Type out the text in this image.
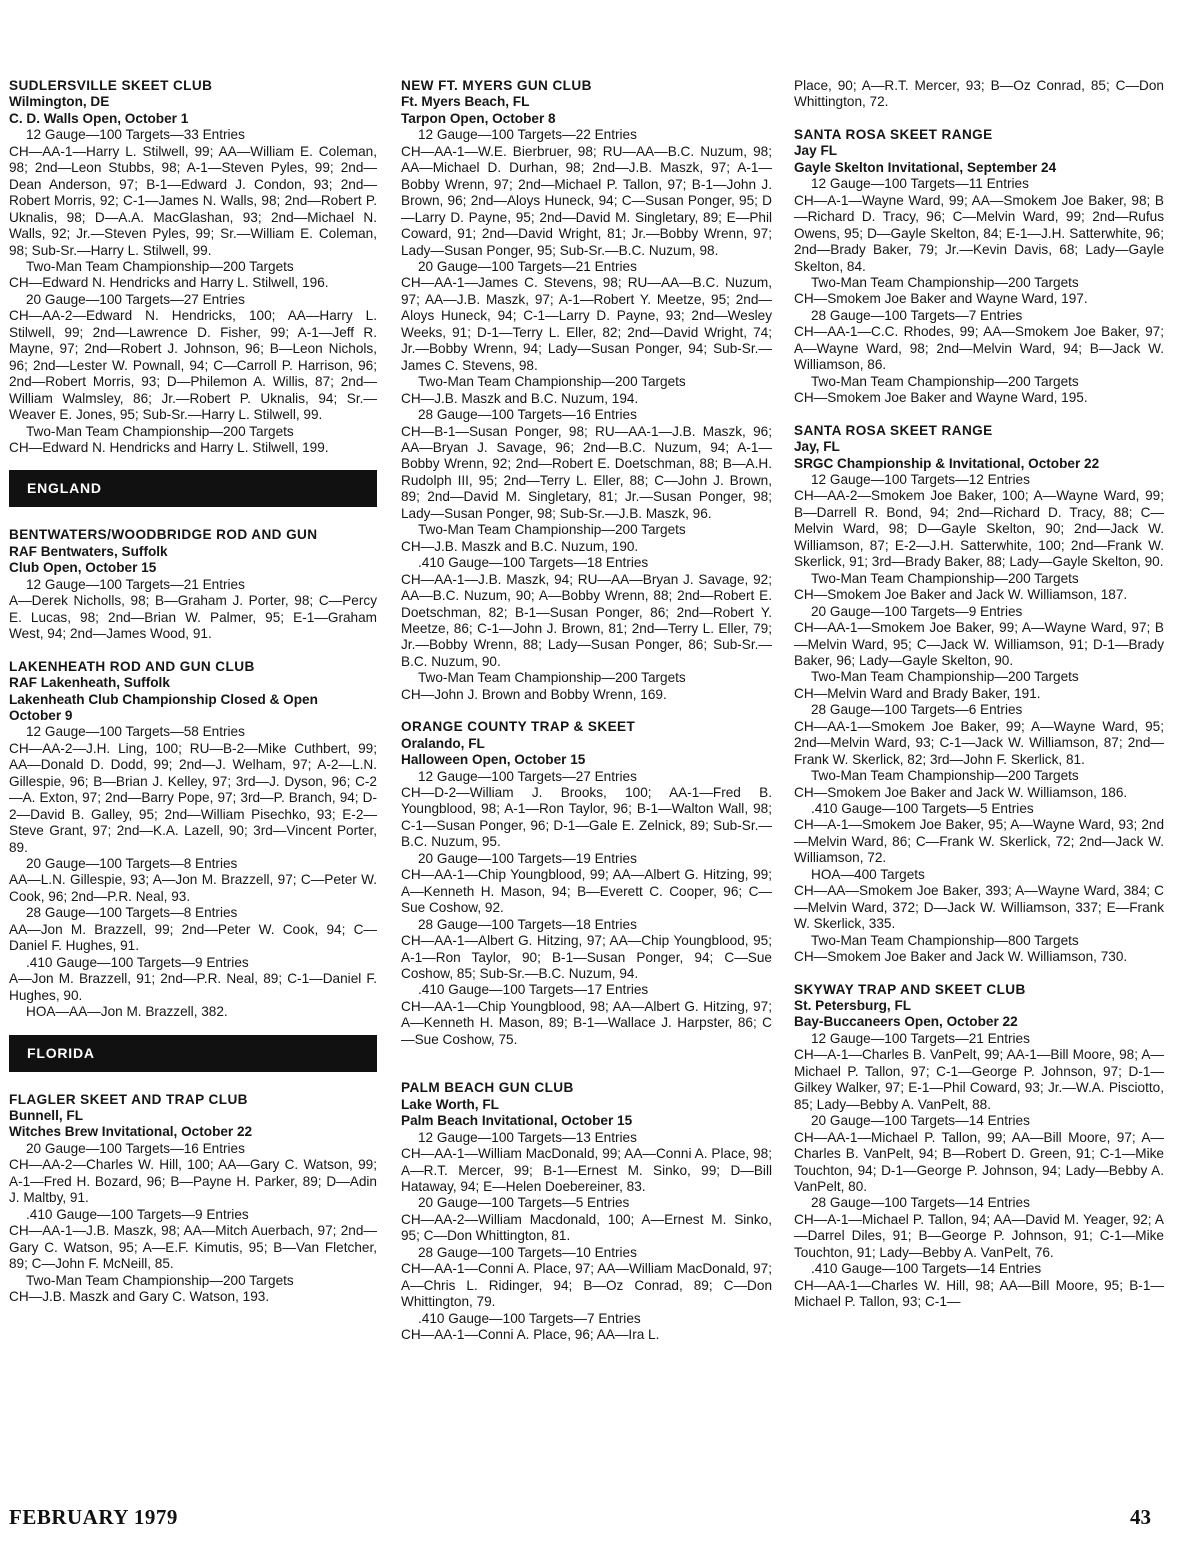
SUDLERSVILLE SKEET CLUB
Wilmington, DE
C. D. Walls Open, October 1
12 Gauge—100 Targets—33 Entries
CH—AA-1—Harry L. Stilwell, 99; AA—William E. Coleman, 98; 2nd—Leon Stubbs, 98; A-1—Steven Pyles, 99; 2nd—Dean Anderson, 97; B-1—Edward J. Condon, 93; 2nd—Robert Morris, 92; C-1—James N. Walls, 98; 2nd—Robert P. Uknalis, 98; D—A.A. MacGlashan, 93; 2nd—Michael N. Walls, 92; Jr.—Steven Pyles, 99; Sr.—William E. Coleman, 98; Sub-Sr.—Harry L. Stilwell, 99.
Two-Man Team Championship—200 Targets
CH—Edward N. Hendricks and Harry L. Stilwell, 196.
20 Gauge—100 Targets—27 Entries
CH—AA-2—Edward N. Hendricks, 100; AA—Harry L. Stilwell, 99; 2nd—Lawrence D. Fisher, 99; A-1—Jeff R. Mayne, 97; 2nd—Robert J. Johnson, 96; B—Leon Nichols, 96; 2nd—Lester W. Pownall, 94; C—Carroll P. Harrison, 96; 2nd—Robert Morris, 93; D—Philemon A. Willis, 87; 2nd—William Walmsley, 86; Jr.—Robert P. Uknalis, 94; Sr.—Weaver E. Jones, 95; Sub-Sr.—Harry L. Stilwell, 99.
Two-Man Team Championship—200 Targets
CH—Edward N. Hendricks and Harry L. Stilwell, 199.
ENGLAND
BENTWATERS/WOODBRIDGE ROD AND GUN
RAF Bentwaters, Suffolk
Club Open, October 15
12 Gauge—100 Targets—21 Entries
A—Derek Nicholls, 98; B—Graham J. Porter, 98; C—Percy E. Lucas, 98; 2nd—Brian W. Palmer, 95; E-1—Graham West, 94; 2nd—James Wood, 91.
LAKENHEATH ROD AND GUN CLUB
RAF Lakenheath, Suffolk
Lakenheath Club Championship Closed & Open
October 9
12 Gauge—100 Targets—58 Entries
CH—AA-2—J.H. Ling, 100; RU—B-2—Mike Cuthbert, 99; AA—Donald D. Dodd, 99; 2nd—J. Welham, 97; A-2—L.N. Gillespie, 96; B—Brian J. Kelley, 97; 3rd—J. Dyson, 96; C-2—A. Exton, 97; 2nd—Barry Pope, 97; 3rd—P. Branch, 94; D-2—David B. Galley, 95; 2nd—William Pisechko, 93; E-2—Steve Grant, 97; 2nd—K.A. Lazell, 90; 3rd—Vincent Porter, 89.
20 Gauge—100 Targets—8 Entries
AA—L.N. Gillespie, 93; A—Jon M. Brazzell, 97; C—Peter W. Cook, 96; 2nd—P.R. Neal, 93.
28 Gauge—100 Targets—8 Entries
AA—Jon M. Brazzell, 99; 2nd—Peter W. Cook, 94; C—Daniel F. Hughes, 91.
.410 Gauge—100 Targets—9 Entries
A—Jon M. Brazzell, 91; 2nd—P.R. Neal, 89; C-1—Daniel F. Hughes, 90.
HOA—AA—Jon M. Brazzell, 382.
FLORIDA
FLAGLER SKEET AND TRAP CLUB
Bunnell, FL
Witches Brew Invitational, October 22
20 Gauge—100 Targets—16 Entries
CH—AA-2—Charles W. Hill, 100; AA—Gary C. Watson, 99; A-1—Fred H. Bozard, 96; B—Payne H. Parker, 89; D—Adin J. Maltby, 91.
.410 Gauge—100 Targets—9 Entries
CH—AA-1—J.B. Maszk, 98; AA—Mitch Auerbach, 97; 2nd—Gary C. Watson, 95; A—E.F. Kimutis, 95; B—Van Fletcher, 89; C—John F. McNeill, 85.
Two-Man Team Championship—200 Targets
CH—J.B. Maszk and Gary C. Watson, 193.
NEW FT. MYERS GUN CLUB
Ft. Myers Beach, FL
Tarpon Open, October 8
12 Gauge—100 Targets—22 Entries
CH—AA-1—W.E. Bierbruer, 98; RU—AA—B.C. Nuzum, 98; AA—Michael D. Durhan, 98; 2nd—J.B. Maszk, 97; A-1—Bobby Wrenn, 97; 2nd—Michael P. Tallon, 97; B-1—John J. Brown, 96; 2nd—Aloys Huneck, 94; C—Susan Ponger, 95; D—Larry D. Payne, 95; 2nd—David M. Singletary, 89; E—Phil Coward, 91; 2nd—David Wright, 81; Jr.—Bobby Wrenn, 97; Lady—Susan Ponger, 95; Sub-Sr.—B.C. Nuzum, 98.
20 Gauge—100 Targets—21 Entries
CH—AA-1—James C. Stevens, 98; RU—AA—B.C. Nuzum, 97; AA—J.B. Maszk, 97; A-1—Robert Y. Meetze, 95; 2nd—Aloys Huneck, 94; C-1—Larry D. Payne, 93; 2nd—Wesley Weeks, 91; D-1—Terry L. Eller, 82; 2nd—David Wright, 74; Jr.—Bobby Wrenn, 94; Lady—Susan Ponger, 94; Sub-Sr.—James C. Stevens, 98.
Two-Man Team Championship—200 Targets
CH—J.B. Maszk and B.C. Nuzum, 194.
28 Gauge—100 Targets—16 Entries
CH—B-1—Susan Ponger, 98; RU—AA-1—J.B. Maszk, 96; AA—Bryan J. Savage, 96; 2nd—B.C. Nuzum, 94; A-1—Bobby Wrenn, 92; 2nd—Robert E. Doetschman, 88; B—A.H. Rudolph III, 95; 2nd—Terry L. Eller, 88; C—John J. Brown, 89; 2nd—David M. Singletary, 81; Jr.—Susan Ponger, 98; Lady—Susan Ponger, 98; Sub-Sr.—J.B. Maszk, 96.
Two-Man Team Championship—200 Targets
CH—J.B. Maszk and B.C. Nuzum, 190.
.410 Gauge—100 Targets—18 Entries
CH—AA-1—J.B. Maszk, 94; RU—AA—Bryan J. Savage, 92; AA—B.C. Nuzum, 90; A—Bobby Wrenn, 88; 2nd—Robert E. Doetschman, 82; B-1—Susan Ponger, 86; 2nd—Robert Y. Meetze, 86; C-1—John J. Brown, 81; 2nd—Terry L. Eller, 79; Jr.—Bobby Wrenn, 88; Lady—Susan Ponger, 86; Sub-Sr.—B.C. Nuzum, 90.
Two-Man Team Championship—200 Targets
CH—John J. Brown and Bobby Wrenn, 169.
ORANGE COUNTY TRAP & SKEET
Oralando, FL
Halloween Open, October 15
12 Gauge—100 Targets—27 Entries
CH—D-2—William J. Brooks, 100; AA-1—Fred B. Youngblood, 98; A-1—Ron Taylor, 96; B-1—Walton Wall, 98; C-1—Susan Ponger, 96; D-1—Gale E. Zelnick, 89; Sub-Sr.—B.C. Nuzum, 95.
20 Gauge—100 Targets—19 Entries
CH—AA-1—Chip Youngblood, 99; AA—Albert G. Hitzing, 99; A—Kenneth H. Mason, 94; B—Everett C. Cooper, 96; C—Sue Coshow, 92.
28 Gauge—100 Targets—18 Entries
CH—AA-1—Albert G. Hitzing, 97; AA—Chip Youngblood, 95; A-1—Ron Taylor, 90; B-1—Susan Ponger, 94; C—Sue Coshow, 85; Sub-Sr.—B.C. Nuzum, 94.
.410 Gauge—100 Targets—17 Entries
CH—AA-1—Chip Youngblood, 98; AA—Albert G. Hitzing, 97; A—Kenneth H. Mason, 89; B-1—Wallace J. Harpster, 86; C—Sue Coshow, 75.
PALM BEACH GUN CLUB
Lake Worth, FL
Palm Beach Invitational, October 15
12 Gauge—100 Targets—13 Entries
CH—AA-1—William MacDonald, 99; AA—Conni A. Place, 98; A—R.T. Mercer, 99; B-1—Ernest M. Sinko, 99; D—Bill Hataway, 94; E—Helen Doebereiner, 83.
20 Gauge—100 Targets—5 Entries
CH—AA-2—William Macdonald, 100; A—Ernest M. Sinko, 95; C—Don Whittington, 81.
28 Gauge—100 Targets—10 Entries
CH—AA-1—Conni A. Place, 97; AA—William MacDonald, 97; A—Chris L. Ridinger, 94; B—Oz Conrad, 89; C—Don Whittington, 79.
.410 Gauge—100 Targets—7 Entries
CH—AA-1—Conni A. Place, 96; AA—Ira L.
Place, 90; A—R.T. Mercer, 93; B—Oz Conrad, 85; C—Don Whittington, 72.
SANTA ROSA SKEET RANGE
Jay FL
Gayle Skelton Invitational, September 24
12 Gauge—100 Targets—11 Entries
CH—A-1—Wayne Ward, 99; AA—Smokem Joe Baker, 98; B—Richard D. Tracy, 96; C—Melvin Ward, 99; 2nd—Rufus Owens, 95; D—Gayle Skelton, 84; E-1—J.H. Satterwhite, 96; 2nd—Brady Baker, 79; Jr.—Kevin Davis, 68; Lady—Gayle Skelton, 84.
Two-Man Team Championship—200 Targets
CH—Smokem Joe Baker and Wayne Ward, 197.
28 Gauge—100 Targets—7 Entries
CH—AA-1—C.C. Rhodes, 99; AA—Smokem Joe Baker, 97; A—Wayne Ward, 98; 2nd—Melvin Ward, 94; B—Jack W. Williamson, 86.
Two-Man Team Championship—200 Targets
CH—Smokem Joe Baker and Wayne Ward, 195.
SANTA ROSA SKEET RANGE
Jay, FL
SRGC Championship & Invitational, October 22
12 Gauge—100 Targets—12 Entries
CH—AA-2—Smokem Joe Baker, 100; A—Wayne Ward, 99; B—Darrell R. Bond, 94; 2nd—Richard D. Tracy, 88; C—Melvin Ward, 98; D—Gayle Skelton, 90; 2nd—Jack W. Williamson, 87; E-2—J.H. Satterwhite, 100; 2nd—Frank W. Skerlick, 91; 3rd—Brady Baker, 88; Lady—Gayle Skelton, 90.
Two-Man Team Championship—200 Targets
CH—Smokem Joe Baker and Jack W. Williamson, 187.
20 Gauge—100 Targets—9 Entries
CH—AA-1—Smokem Joe Baker, 99; A—Wayne Ward, 97; B—Melvin Ward, 95; C—Jack W. Williamson, 91; D-1—Brady Baker, 96; Lady—Gayle Skelton, 90.
Two-Man Team Championship—200 Targets
CH—Melvin Ward and Brady Baker, 191.
28 Gauge—100 Targets—6 Entries
CH—AA-1—Smokem Joe Baker, 99; A—Wayne Ward, 95; 2nd—Melvin Ward, 93; C-1—Jack W. Williamson, 87; 2nd—Frank W. Skerlick, 82; 3rd—John F. Skerlick, 81.
Two-Man Team Championship—200 Targets
CH—Smokem Joe Baker and Jack W. Williamson, 186.
.410 Gauge—100 Targets—5 Entries
CH—A-1—Smokem Joe Baker, 95; A—Wayne Ward, 93; 2nd—Melvin Ward, 86; C—Frank W. Skerlick, 72; 2nd—Jack W. Williamson, 72.
HOA—400 Targets
CH—AA—Smokem Joe Baker, 393; A—Wayne Ward, 384; C—Melvin Ward, 372; D—Jack W. Williamson, 337; E—Frank W. Skerlick, 335.
Two-Man Team Championship—800 Targets
CH—Smokem Joe Baker and Jack W. Williamson, 730.
SKYWAY TRAP AND SKEET CLUB
St. Petersburg, FL
Bay-Buccaneers Open, October 22
12 Gauge—100 Targets—21 Entries
CH—A-1—Charles B. VanPelt, 99; AA-1—Bill Moore, 98; A—Michael P. Tallon, 97; C-1—George P. Johnson, 97; D-1—Gilkey Walker, 97; E-1—Phil Coward, 93; Jr.—W.A. Pisciotto, 85; Lady—Bebby A. VanPelt, 88.
20 Gauge—100 Targets—14 Entries
CH—AA-1—Michael P. Tallon, 99; AA—Bill Moore, 97; A—Charles B. VanPelt, 94; B—Robert D. Green, 91; C-1—Mike Touchton, 94; D-1—George P. Johnson, 94; Lady—Bebby A. VanPelt, 80.
28 Gauge—100 Targets—14 Entries
CH—A-1—Michael P. Tallon, 94; AA—David M. Yeager, 92; A—Darrel Diles, 91; B—George P. Johnson, 91; C-1—Mike Touchton, 91; Lady—Bebby A. VanPelt, 76.
.410 Gauge—100 Targets—14 Entries
CH—AA-1—Charles W. Hill, 98; AA—Bill Moore, 95; B-1—Michael P. Tallon, 93; C-1—
FEBRUARY 1979	43
